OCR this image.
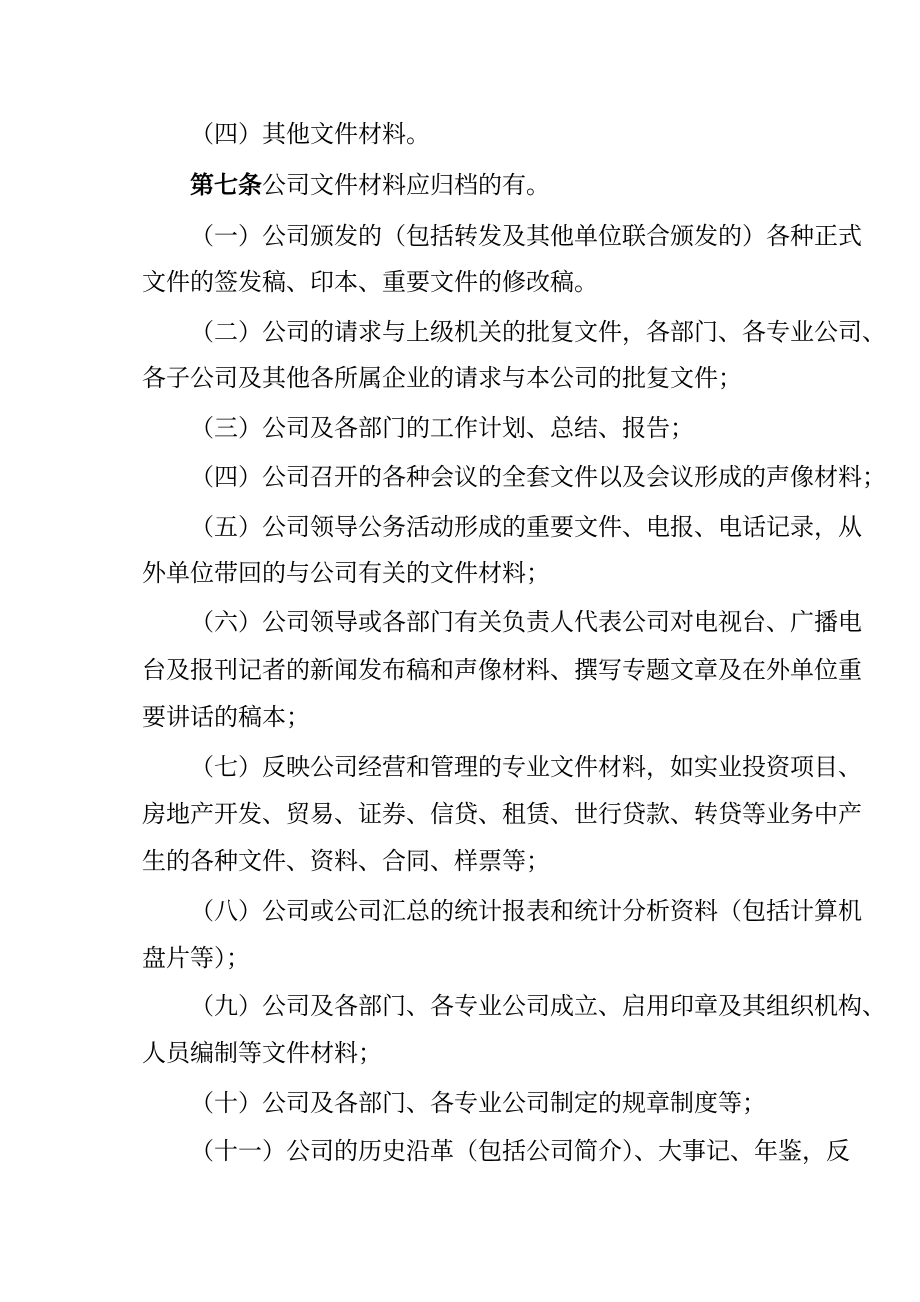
（四）其他文件材料。
第七条公司文件材料应归档的有。
（一）公司颁发的（包括转发及其他单位联合颁发的）各种正式
文件的签发稿、印本、重要文件的修改稿。
（二）公司的请求与上级机关的批复文件，各部门、各专业公司、
各子公司及其他各所属企业的请求与本公司的批复文件；
（三）公司及各部门的工作计划、总结、报告；
（四）公司召开的各种会议的全套文件以及会议形成的声像材料；
（五）公司领导公务活动形成的重要文件、电报、电话记录，从
外单位带回的与公司有关的文件材料；
（六）公司领导或各部门有关负责人代表公司对电视台、广播电
台及报刊记者的新闻发布稿和声像材料、撰写专题文章及在外单位重
要讲话的稿本；
（七）反映公司经营和管理的专业文件材料，如实业投资项目、
房地产开发、贸易、证券、信贷、租赁、世行贷款、转贷等业务中产
生的各种文件、资料、合同、样票等；
（八）公司或公司汇总的统计报表和统计分析资料（包括计算机
盘片等）；
（九）公司及各部门、各专业公司成立、启用印章及其组织机构、
人员编制等文件材料；
（十）公司及各部门、各专业公司制定的规章制度等；
（十一）公司的历史沿革（包括公司简介）、大事记、年鉴，反
